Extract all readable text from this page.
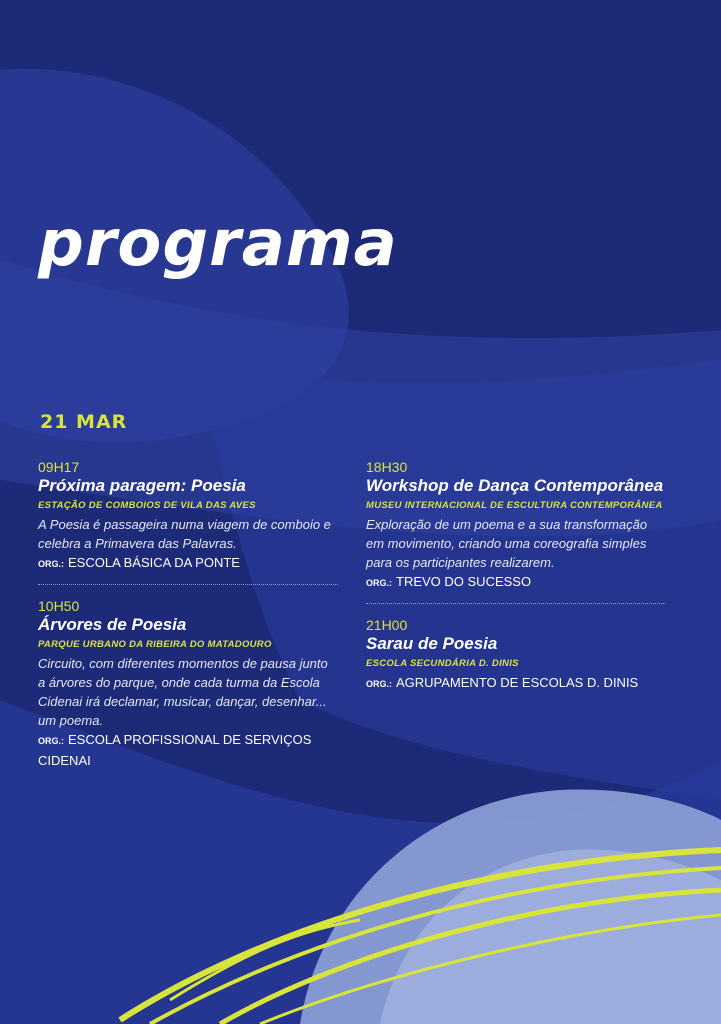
programa
21 MAR
09H17
Próxima paragem: Poesia
ESTAÇÃO DE COMBOIOS DE VILA DAS AVES
A Poesia é passageira numa viagem de comboio e celebra a Primavera das Palavras.
ORG.: ESCOLA BÁSICA DA PONTE
10H50
Árvores de Poesia
PARQUE URBANO DA RIBEIRA DO MATADOURO
Circuito, com diferentes momentos de pausa junto a árvores do parque, onde cada turma da Escola Cidenai irá declamar, musicar, dançar, desenhar... um poema.
ORG.: ESCOLA PROFISSIONAL DE SERVIÇOS CIDENAI
18H30
Workshop de Dança Contemporânea
MUSEU INTERNACIONAL DE ESCULTURA CONTEMPORÂNEA
Exploração de um poema e a sua transformação em movimento, criando uma coreografia simples para os participantes realizarem.
ORG.: TREVO DO SUCESSO
21H00
Sarau de Poesia
ESCOLA SECUNDÁRIA D. DINIS
ORG.: AGRUPAMENTO DE ESCOLAS D. DINIS
